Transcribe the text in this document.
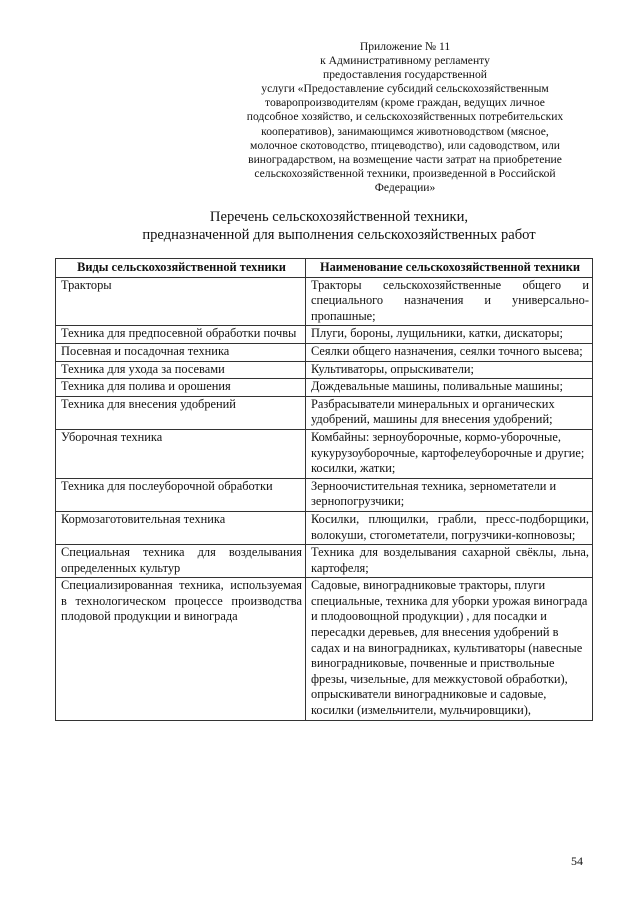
Приложение № 11
к Административному регламенту
предоставления государственной
услуги «Предоставление субсидий сельскохозяйственным
товаропроизводителям (кроме граждан, ведущих личное
подсобное хозяйство, и сельскохозяйственных потребительских
кооперативов), занимающимся животноводством (мясное,
молочное скотоводство, птицеводство), или садоводством, или
виноградарством, на возмещение части затрат на приобретение
сельскохозяйственной техники, произведенной в Российской
Федерации»
Перечень сельскохозяйственной техники,
предназначенной для выполнения сельскохозяйственных работ
Виды сельскохозяйственной техники	Наименование сельскохозяйственной техники

Тракторы	Тракторы сельскохозяйственные общего и специального назначения и универсально-пропашные;

Техника для предпосевной обработки почвы	Плуги, бороны, лущильники, катки, дискаторы;

Посевная и посадочная техника	Сеялки общего назначения, сеялки точного высева;

Техника для ухода за посевами	Культиваторы, опрыскиватели;

Техника для полива и орошения	Дождевальные машины, поливальные машины;

Техника для внесения удобрений	Разбрасыватели минеральных и органических удобрений, машины для внесения удобрений;

Уборочная техника	Комбайны: зерноуборочные, кормо-уборочные, кукурузоуборочные, картофелеуборочные и другие;
косилки, жатки;

Техника для послеуборочной обработки	Зерноочистительная техника, зернометатели и зернопогрузчики;

Кормозаготовительная техника	Косилки, плющилки, грабли, пресс-подборщики, волокуши, стогометатели, погрузчики-копновозы;

Специальная техника для возделывания определенных культур	Техника для возделывания сахарной свёклы, льна, картофеля;

Специализированная техника, используемая в технологическом процессе производства плодовой продукции и винограда	Садовые, виноградниковые тракторы, плуги специальные, техника для уборки урожая винограда и плодоовощной продукции) , для посадки и пересадки деревьев, для внесения удобрений в садах и на виноградниках, культиваторы (навесные виноградниковые, почвенные и приствольные фрезы, чизельные, для межкустовой обработки), опрыскиватели виноградниковые и садовые, косилки (измельчители, мульчировщики),
54
